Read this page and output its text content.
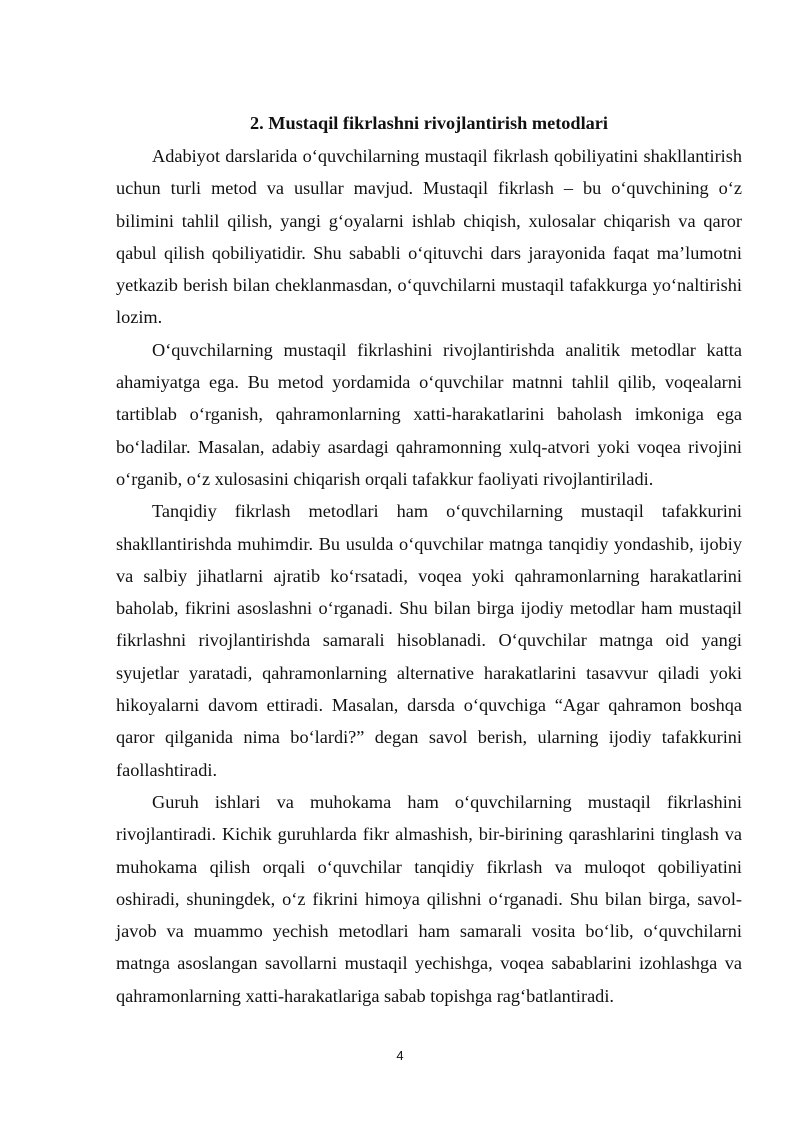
2. Mustaqil fikrlashni rivojlantirish metodlari

Adabiyot darslarida o‘quvchilarning mustaqil fikrlash qobiliyatini shakllantirish uchun turli metod va usullar mavjud. Mustaqil fikrlash – bu o‘quvchining o‘z bilimini tahlil qilish, yangi g‘oyalarni ishlab chiqish, xulosalar chiqarish va qaror qabul qilish qobiliyatidir. Shu sababli o‘qituvchi dars jarayonida faqat ma’lumotni yetkazib berish bilan cheklanmasdan, o‘quvchilarni mustaqil tafakkurga yo‘naltirishi lozim.

O‘quvchilarning mustaqil fikrlashini rivojlantirishda analitik metodlar katta ahamiyatga ega. Bu metod yordamida o‘quvchilar matnni tahlil qilib, voqealarni tartiblab o‘rganish, qahramonlarning xatti-harakatlarini baholash imkoniga ega bo‘ladilar. Masalan, adabiy asardagi qahramonning xulq-atvori yoki voqea rivojini o‘rganib, o‘z xulosasini chiqarish orqali tafakkur faoliyati rivojlantiriladi.

Tanqidiy fikrlash metodlari ham o‘quvchilarning mustaqil tafakkurini shakllantirishda muhimdir. Bu usulda o‘quvchilar matnga tanqidiy yondashib, ijobiy va salbiy jihatlarni ajratib ko‘rsatadi, voqea yoki qahramonlarning harakatlarini baholab, fikrini asoslashni o‘rganadi. Shu bilan birga ijodiy metodlar ham mustaqil fikrlashni rivojlantirishda samarali hisoblanadi. O‘quvchilar matnga oid yangi syujetlar yaratadi, qahramonlarning alternative harakatlarini tasavvur qiladi yoki hikoyalarni davom ettiradi. Masalan, darsda o‘quvchiga “Agar qahramon boshqa qaror qilganida nima bo‘lardi?” degan savol berish, ularning ijodiy tafakkurini faollashtiradi.

Guruh ishlari va muhokama ham o‘quvchilarning mustaqil fikrlashini rivojlantiradi. Kichik guruhlarda fikr almashish, bir-birining qarashlarini tinglash va muhokama qilish orqali o‘quvchilar tanqidiy fikrlash va muloqot qobiliyatini oshiradi, shuningdek, o‘z fikrini himoya qilishni o‘rganadi. Shu bilan birga, savol-javob va muammo yechish metodlari ham samarali vosita bo‘lib, o‘quvchilarni matnga asoslangan savollarni mustaqil yechishga, voqea sabablarini izohlashga va qahramonlarning xatti-harakatlariga sabab topishga rag‘batlantiradi.

4
